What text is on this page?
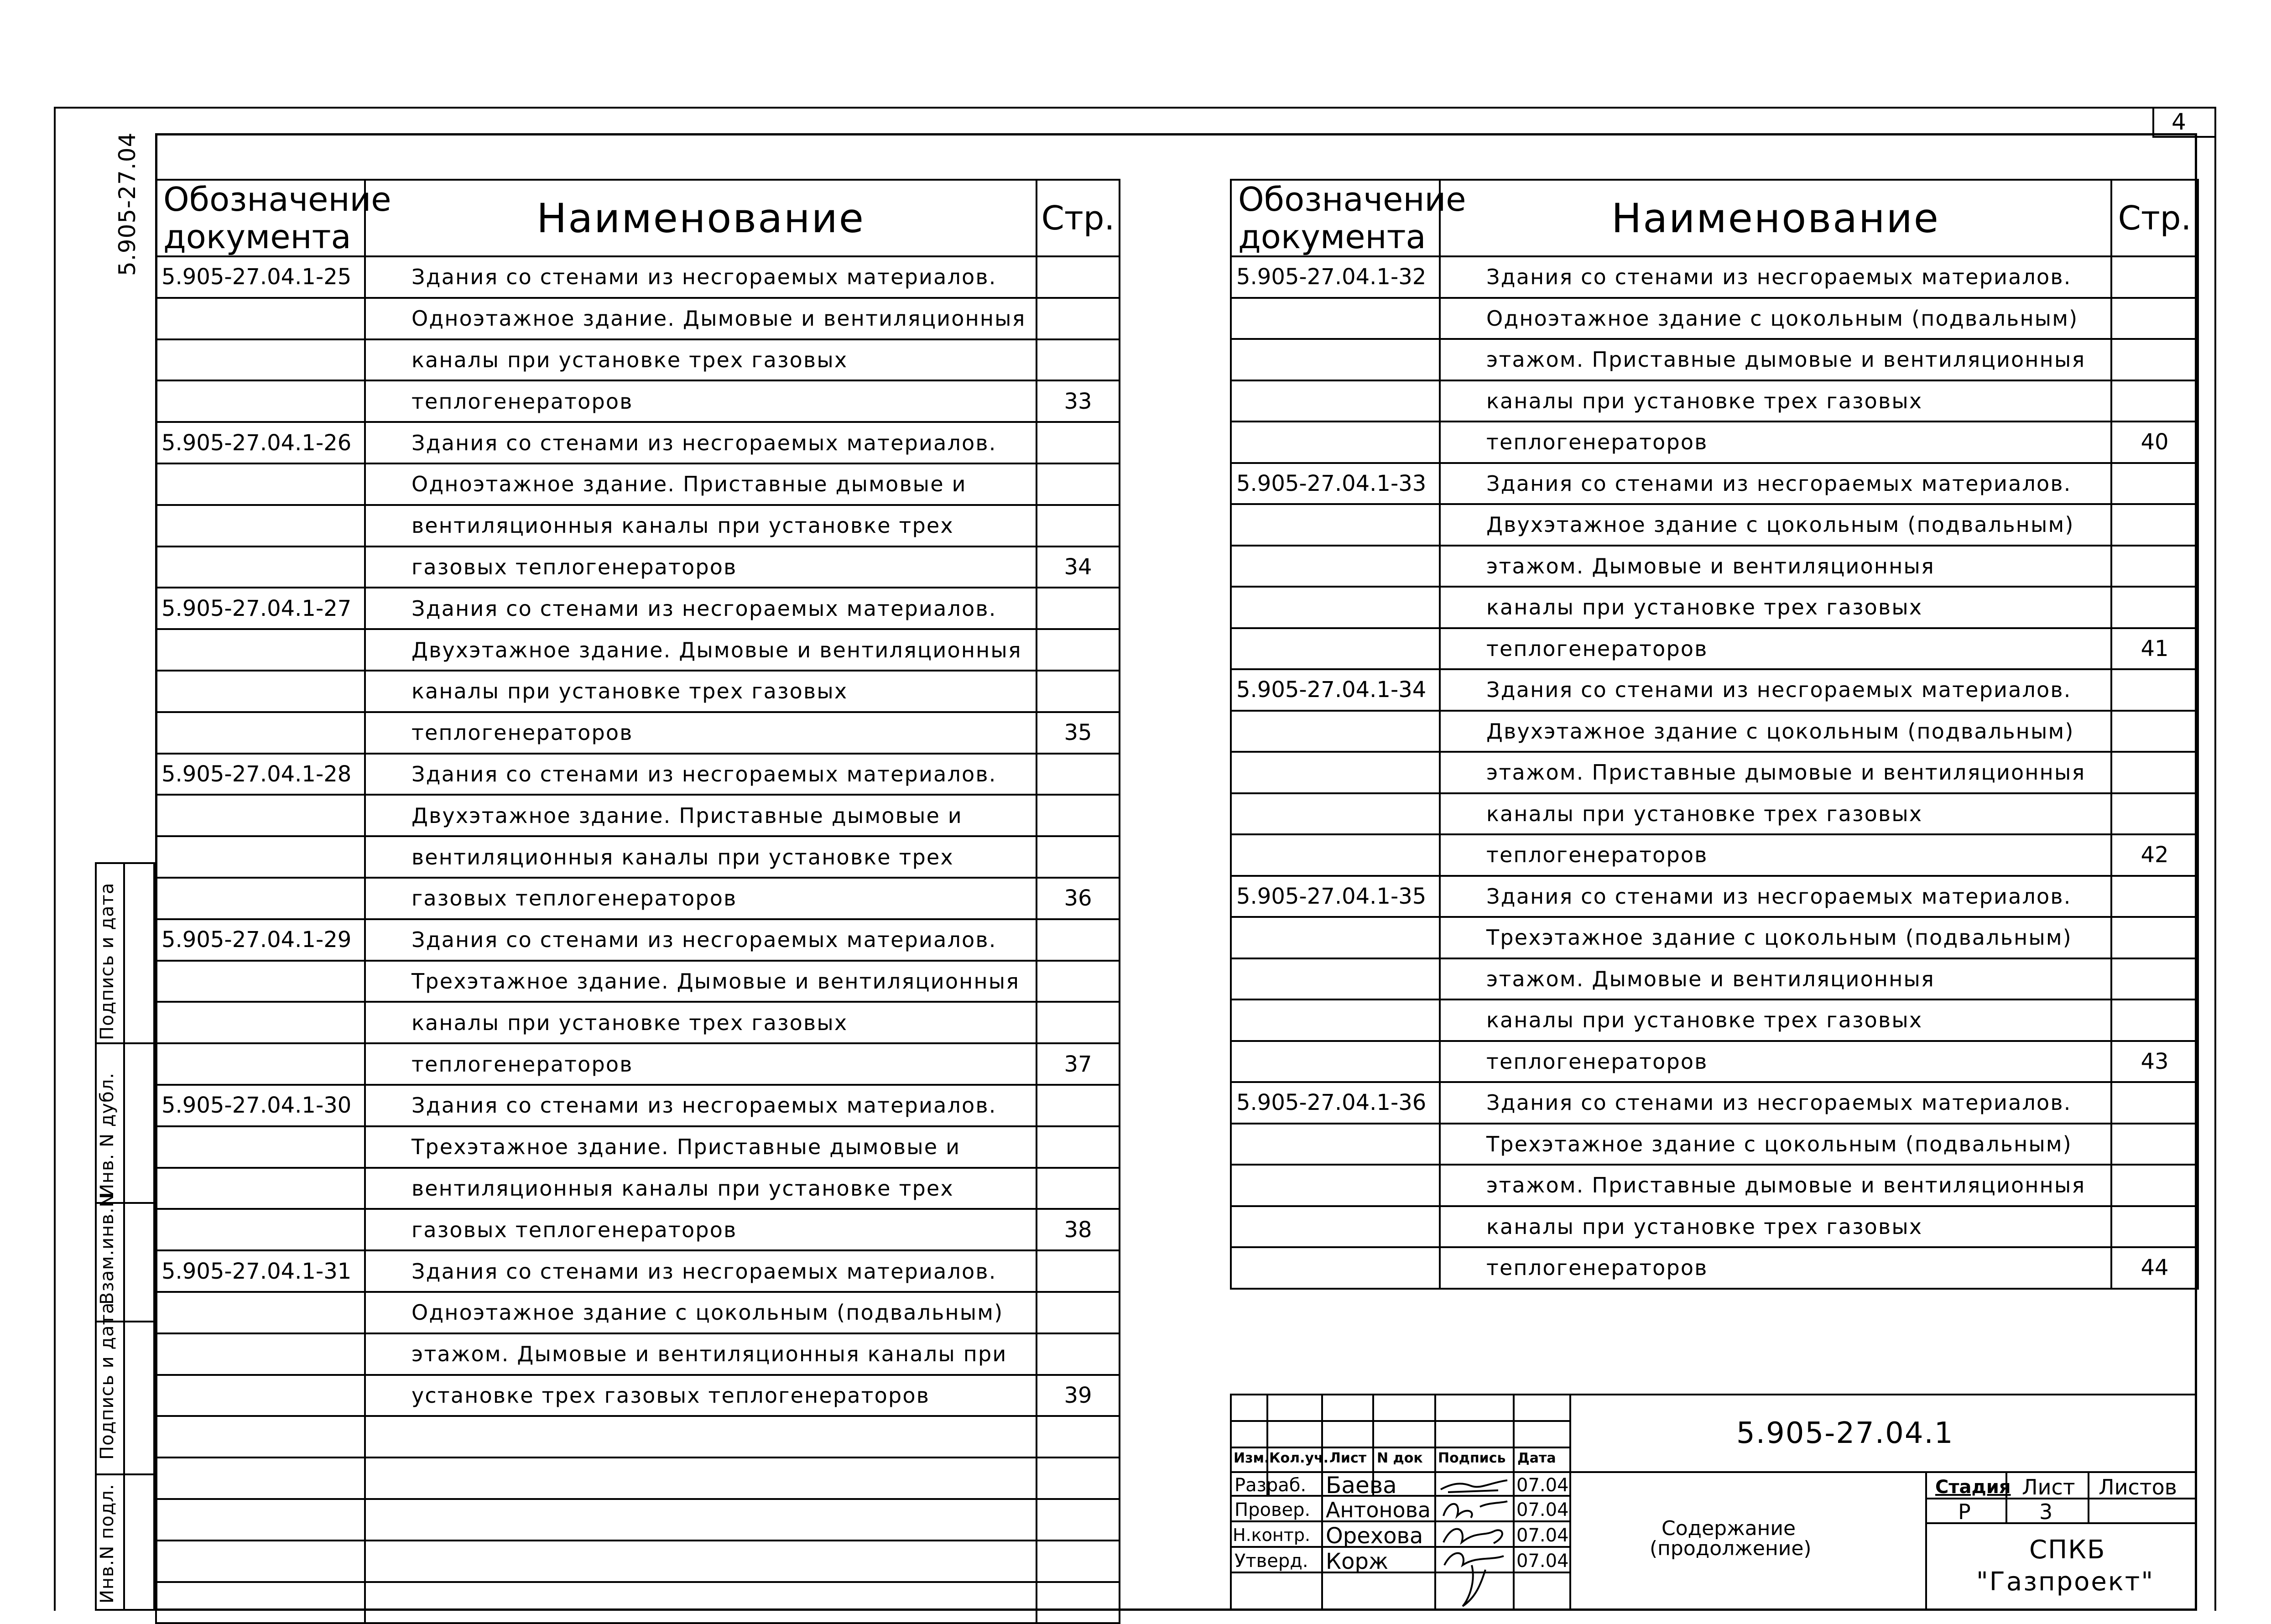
4
5.905-27.04
Инв.N подл.
Подпись и дата
Взам.инв.N
Инв. N дубл.
Подпись и дата
Обозначение
документа	Наименование	Стр.
5.905-27.04.1-25	Здания со стенами из несгораемых материалов.	
	Одноэтажное здание. Дымовые и вентиляционныя	
	каналы при установке трех газовых	
	теплогенераторов	33
5.905-27.04.1-26	Здания со стенами из несгораемых материалов.	
	Одноэтажное здание. Приставные дымовые и	
	вентиляционныя каналы при установке трех	
	газовых теплогенераторов	34
5.905-27.04.1-27	Здания со стенами из несгораемых материалов.	
	Двухэтажное здание. Дымовые и вентиляционныя	
	каналы при установке трех газовых	
	теплогенераторов	35
5.905-27.04.1-28	Здания со стенами из несгораемых материалов.	
	Двухэтажное здание. Приставные дымовые и	
	вентиляционныя каналы при установке трех	
	газовых теплогенераторов	36
5.905-27.04.1-29	Здания со стенами из несгораемых материалов.	
	Трехэтажное здание. Дымовые и вентиляционныя	
	каналы при установке трех газовых	
	теплогенераторов	37
5.905-27.04.1-30	Здания со стенами из несгораемых материалов.	
	Трехэтажное здание. Приставные дымовые и	
	вентиляционныя каналы при установке трех	
	газовых теплогенераторов	38
5.905-27.04.1-31	Здания со стенами из несгораемых материалов.	
	Одноэтажное здание с цокольным (подвальным)	
	этажом. Дымовые и вентиляционныя каналы при	
	установке трех газовых теплогенераторов	39

Обозначение
документа	Наименование	Стр.
5.905-27.04.1-32	Здания со стенами из несгораемых материалов.	
	Одноэтажное здание с цокольным (подвальным)	
	этажом. Приставные дымовые и вентиляционныя	
	каналы при установке трех газовых	
	теплогенераторов	40
5.905-27.04.1-33	Здания со стенами из несгораемых материалов.	
	Двухэтажное здание с цокольным (подвальным)	
	этажом. Дымовые и вентиляционныя	
	каналы при установке трех газовых	
	теплогенераторов	41
5.905-27.04.1-34	Здания со стенами из несгораемых материалов.	
	Двухэтажное здание с цокольным (подвальным)	
	этажом. Приставные дымовые и вентиляционныя	
	каналы при установке трех газовых	
	теплогенераторов	42
5.905-27.04.1-35	Здания со стенами из несгораемых материалов.	
	Трехэтажное здание с цокольным (подвальным)	
	этажом. Дымовые и вентиляционныя	
	каналы при установке трех газовых	
	теплогенераторов	43
5.905-27.04.1-36	Здания со стенами из несгораемых материалов.	
	Трехэтажное здание с цокольным (подвальным)	
	этажом. Приставные дымовые и вентиляционныя	
	каналы при установке трех газовых	
	теплогенераторов	44
5.905-27.04.1
Изм. Кол.уч. Лист N док Подпись Дата
Разраб. Баева	07.04
Провер. Антонова	07.04
Н.контр. Орехова	07.04
Утверд. Корж	07.04
Содержание
(продолжение)
Стадия Лист Листов
Р	3
СПКБ
"Газпроект"
